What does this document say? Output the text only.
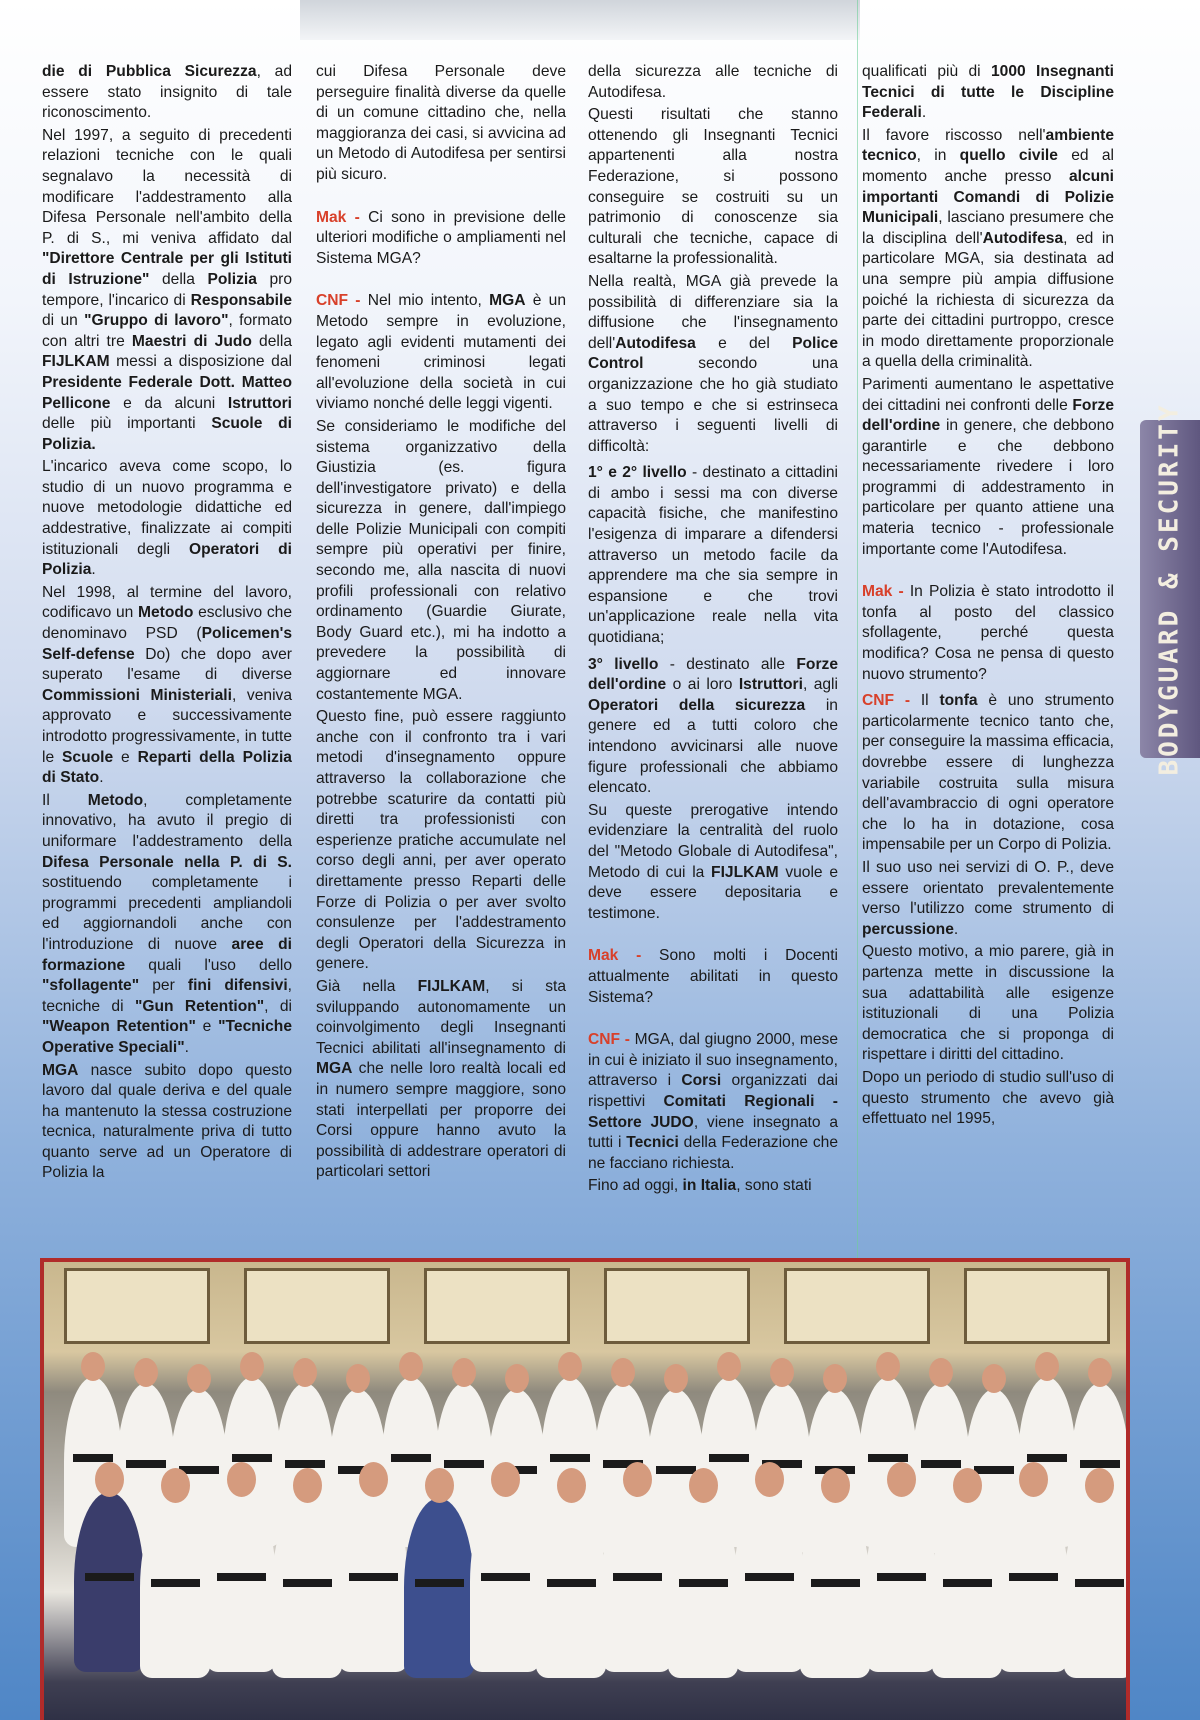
die di Pubblica Sicurezza, ad essere stato insignito di tale riconoscimento.

Nel 1997, a seguito di precedenti relazioni tecniche con le quali segnalavo la necessità di modificare l'addestramento alla Difesa Personale nell'ambito della P. di S., mi veniva affidato dal "Direttore Centrale per gli Istituti di Istruzione" della Polizia pro tempore, l'incarico di Responsabile di un "Gruppo di lavoro", formato con altri tre Maestri di Judo della FIJLKAM messi a disposizione dal Presidente Federale Dott. Matteo Pellicone e da alcuni Istruttori delle più importanti Scuole di Polizia.

L'incarico aveva come scopo, lo studio di un nuovo programma e nuove metodologie didattiche ed addestrative, finalizzate ai compiti istituzionali degli Operatori di Polizia.

Nel 1998, al termine del lavoro, codificavo un Metodo esclusivo che denominavo PSD (Policemen's Self-defense Do) che dopo aver superato l'esame di diverse Commissioni Ministeriali, veniva approvato e successivamente introdotto progressivamente, in tutte le Scuole e Reparti della Polizia di Stato.

Il Metodo, completamente innovativo, ha avuto il pregio di uniformare l'addestramento della Difesa Personale nella P. di S. sostituendo completamente i programmi precedenti ampliandoli ed aggiornandoli anche con l'introduzione di nuove aree di formazione quali l'uso dello "sfollagente" per fini difensivi, tecniche di "Gun Retention", di "Weapon Retention" e "Tecniche Operative Speciali".

MGA nasce subito dopo questo lavoro dal quale deriva e del quale ha mantenuto la stessa costruzione tecnica, naturalmente priva di tutto quanto serve ad un Operatore di Polizia la

cui Difesa Personale deve perseguire finalità diverse da quelle di un comune cittadino che, nella maggioranza dei casi, si avvicina ad un Metodo di Autodifesa per sentirsi più sicuro.

Mak - Ci sono in previsione delle ulteriori modifiche o ampliamenti nel Sistema MGA?

CNF - Nel mio intento, MGA è un Metodo sempre in evoluzione, legato agli evidenti mutamenti dei fenomeni criminosi legati all'evoluzione della società in cui viviamo nonché delle leggi vigenti.

Se consideriamo le modifiche del sistema organizzativo della Giustizia (es. figura dell'investigatore privato) e della sicurezza in genere, dall'impiego delle Polizie Municipali con compiti sempre più operativi per finire, secondo me, alla nascita di nuovi profili professionali con relativo ordinamento (Guardie Giurate, Body Guard etc.), mi ha indotto a prevedere la possibilità di aggiornare ed innovare costantemente MGA.

Questo fine, può essere raggiunto anche con il confronto tra i vari metodi d'insegnamento oppure attraverso la collaborazione che potrebbe scaturire da contatti più diretti tra professionisti con esperienze pratiche accumulate nel corso degli anni, per aver operato direttamente presso Reparti delle Forze di Polizia o per aver svolto consulenze per l'addestramento degli Operatori della Sicurezza in genere.

Già nella FIJLKAM, si sta sviluppando autonomamente un coinvolgimento degli Insegnanti Tecnici abilitati all'insegnamento di MGA che nelle loro realtà locali ed in numero sempre maggiore, sono stati interpellati per proporre dei Corsi oppure hanno avuto la possibilità di addestrare operatori di particolari settori

della sicurezza alle tecniche di Autodifesa.

Questi risultati che stanno ottenendo gli Insegnanti Tecnici appartenenti alla nostra Federazione, si possono conseguire se costruiti su un patrimonio di conoscenze sia culturali che tecniche, capace di esaltarne la professionalità.

Nella realtà, MGA già prevede la possibilità di differenziare sia la diffusione che l'insegnamento dell'Autodifesa e del Police Control secondo una organizzazione che ho già studiato a suo tempo e che si estrinseca attraverso i seguenti livelli di difficoltà:

1° e 2° livello - destinato a cittadini di ambo i sessi ma con diverse capacità fisiche, che manifestino l'esigenza di imparare a difendersi attraverso un metodo facile da apprendere ma che sia sempre in espansione e che trovi un'applicazione reale nella vita quotidiana;

3° livello - destinato alle Forze dell'ordine o ai loro Istruttori, agli Operatori della sicurezza in genere ed a tutti coloro che intendono avvicinarsi alle nuove figure professionali che abbiamo elencato.

Su queste prerogative intendo evidenziare la centralità del ruolo del "Metodo Globale di Autodifesa", Metodo di cui la FIJLKAM vuole e deve essere depositaria e testimone.

Mak - Sono molti i Docenti attualmente abilitati in questo Sistema?

CNF - MGA, dal giugno 2000, mese in cui è iniziato il suo insegnamento, attraverso i Corsi organizzati dai rispettivi Comitati Regionali - Settore JUDO, viene insegnato a tutti i Tecnici della Federazione che ne facciano richiesta.

Fino ad oggi, in Italia, sono stati

qualificati più di 1000 Insegnanti Tecnici di tutte le Discipline Federali.

Il favore riscosso nell'ambiente tecnico, in quello civile ed al momento anche presso alcuni importanti Comandi di Polizie Municipali, lasciano presumere che la disciplina dell'Autodifesa, ed in particolare MGA, sia destinata ad una sempre più ampia diffusione poiché la richiesta di sicurezza da parte dei cittadini purtroppo, cresce in modo direttamente proporzionale a quella della criminalità.

Parimenti aumentano le aspettative dei cittadini nei confronti delle Forze dell'ordine in genere, che debbono garantirle e che debbono necessariamente rivedere i loro programmi di addestramento in particolare per quanto attiene una materia tecnico - professionale importante come l'Autodifesa.

Mak - In Polizia è stato introdotto il tonfa al posto del classico sfollagente, perché questa modifica? Cosa ne pensa di questo nuovo strumento?

CNF - Il tonfa è uno strumento particolarmente tecnico tanto che, per conseguire la massima efficacia, dovrebbe essere di lunghezza variabile costruita sulla misura dell'avambraccio di ogni operatore che lo ha in dotazione, cosa impensabile per un Corpo di Polizia.

Il suo uso nei servizi di O. P., deve essere orientato prevalentemente verso l'utilizzo come strumento di percussione.

Questo motivo, a mio parere, già in partenza mette in discussione la sua adattabilità alle esigenze istituzionali di una Polizia democratica che si proponga di rispettare i diritti del cittadino.

Dopo un periodo di studio sull'uso di questo strumento che avevo già effettuato nel 1995,

BODYGUARD & SECURITY
